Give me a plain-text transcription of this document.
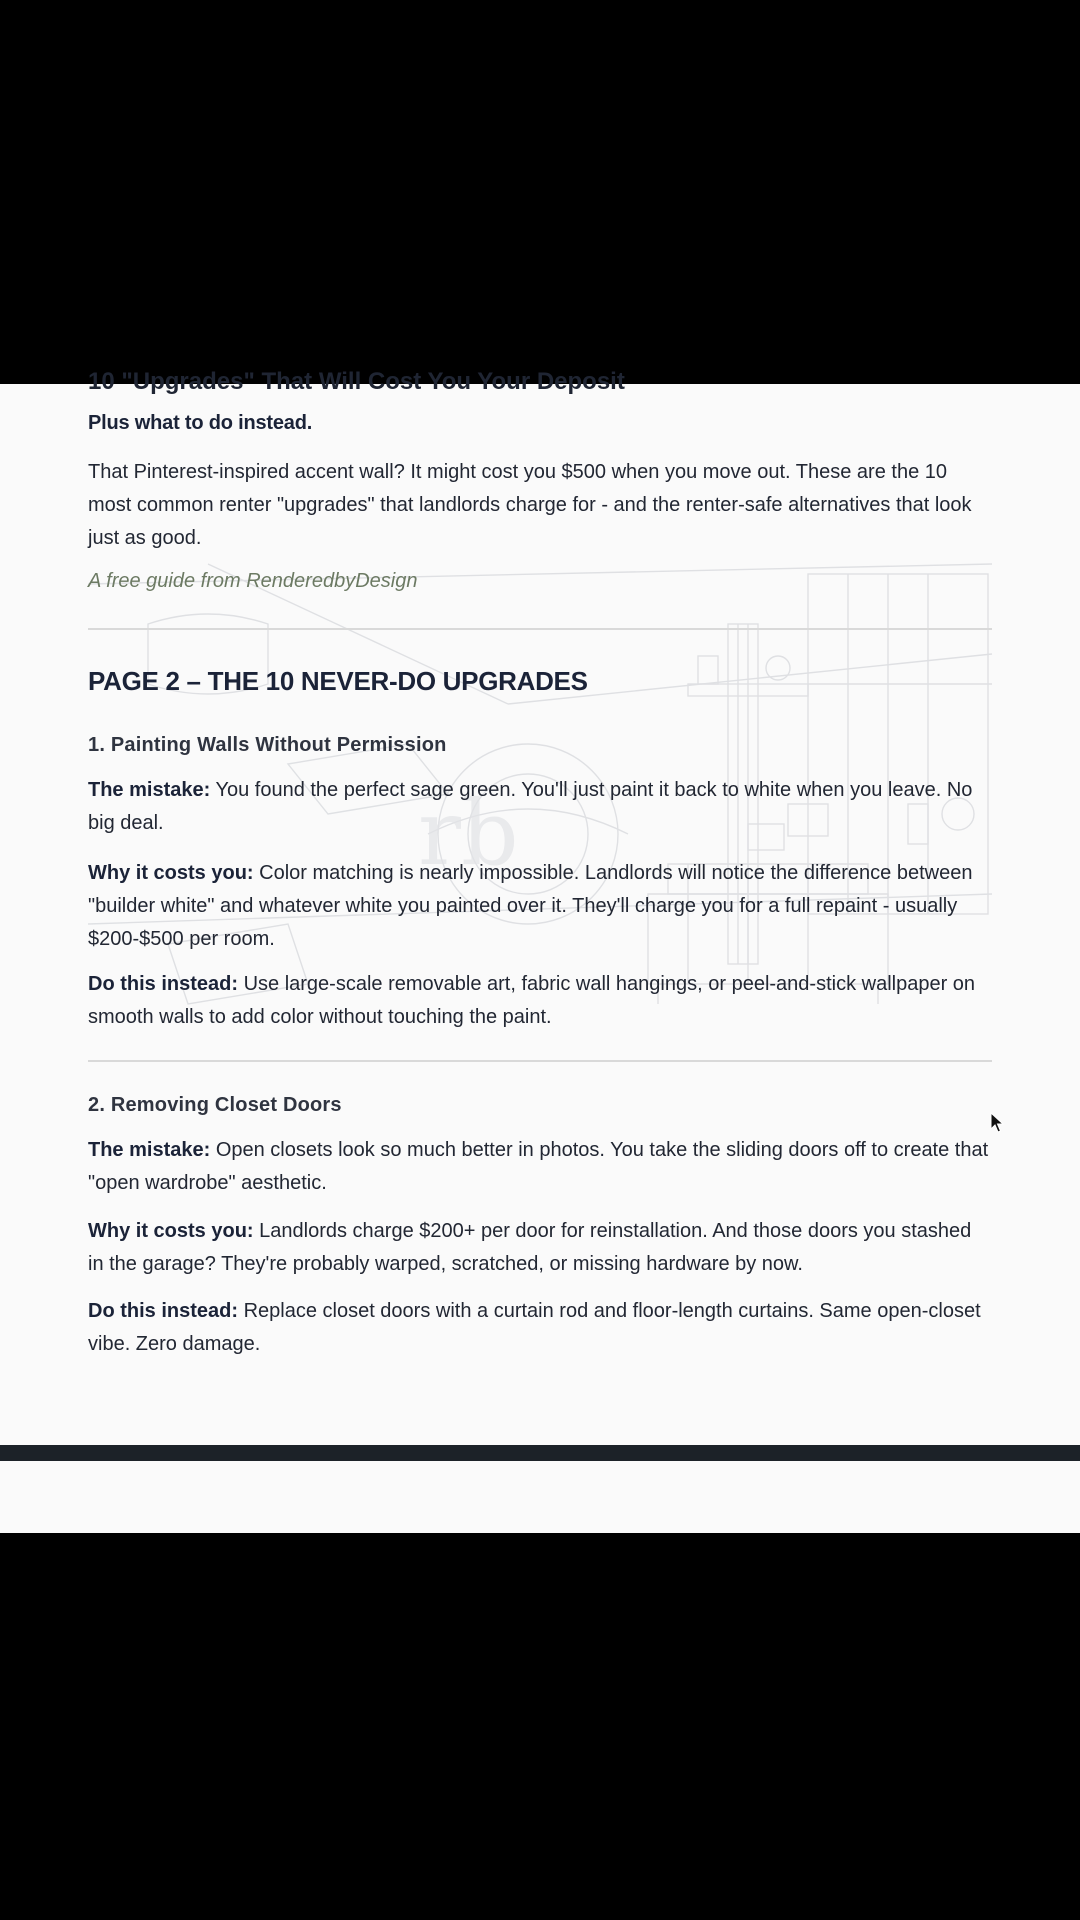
rb
10 "Upgrades" That Will Cost You Your Deposit
Plus what to do instead.
That Pinterest-inspired accent wall? It might cost you $500 when you move out. These are the 10 most common renter "upgrades" that landlords charge for - and the renter-safe alternatives that look just as good.
A free guide from RenderedbyDesign
PAGE 2 – THE 10 NEVER-DO UPGRADES
1. Painting Walls Without Permission
The mistake: You found the perfect sage green. You'll just paint it back to white when you leave. No big deal.
Why it costs you: Color matching is nearly impossible. Landlords will notice the difference between "builder white" and whatever white you painted over it. They'll charge you for a full repaint - usually $200-$500 per room.
Do this instead: Use large-scale removable art, fabric wall hangings, or peel-and-stick wallpaper on smooth walls to add color without touching the paint.
2. Removing Closet Doors
The mistake: Open closets look so much better in photos. You take the sliding doors off to create that "open wardrobe" aesthetic.
Why it costs you: Landlords charge $200+ per door for reinstallation. And those doors you stashed in the garage? They're probably warped, scratched, or missing hardware by now.
Do this instead: Replace closet doors with a curtain rod and floor-length curtains. Same open-closet vibe. Zero damage.
